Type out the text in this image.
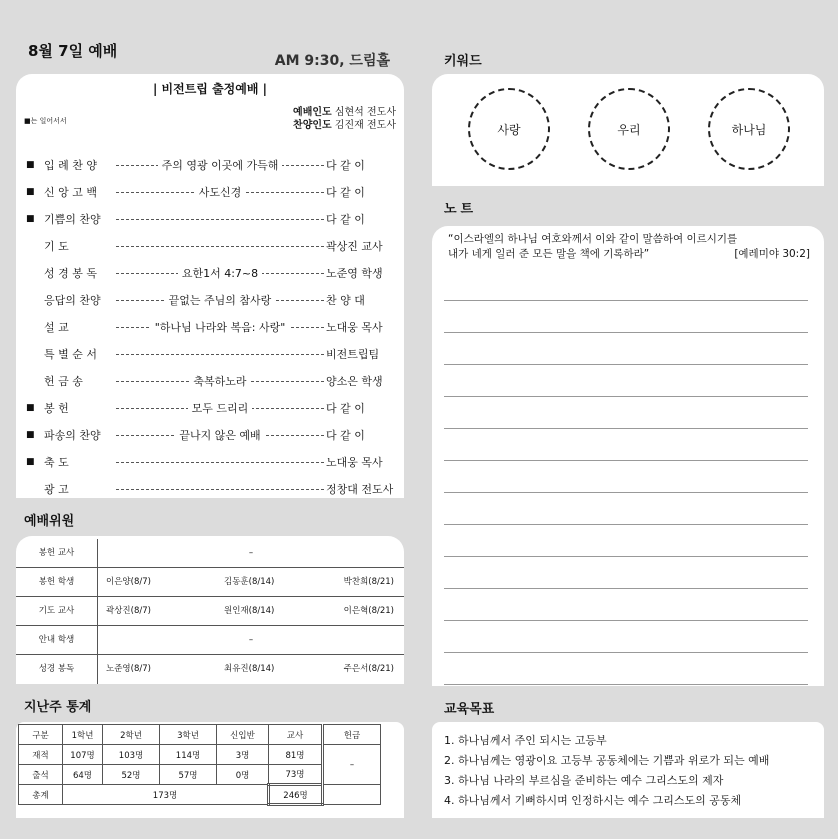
8월 7일 예배
AM 9:30, 드림홀
| 비전트립 출정예배 |
■는 일어서서
예배인도 심현석 전도사
찬양인도 김진재 전도사
■ 입 례 찬 양	주의 영광 이곳에 가득해	다 같 이
■ 신 앙 고 백	사도신경	다 같 이
■ 기쁨의 찬양	다 같 이
기 도	곽상진 교사
성 경 봉 독	요한1서 4:7~8	노준영 학생
응답의 찬양	끝없는 주님의 참사랑	찬 양 대
설 교	"하나님 나라와 복음: 사랑"	노대웅 목사
특 별 순 서	비전트립팀
헌 금 송	축복하노라	양소은 학생
■ 봉 헌	모두 드리리	다 같 이
■ 파송의 찬양	끝나지 않은 예배	다 같 이
■ 축 도	노대웅 목사
광 고	정창대 전도사
예배위원
봉헌 교사	–
봉헌 학생	이은양(8/7)	김동훈(8/14)	박찬희(8/21)
기도 교사	곽상진(8/7)	원인재(8/14)	이은혁(8/21)
안내 학생	–
성경 봉독	노준영(8/7)	최유진(8/14)	주은서(8/21)
지난주 통계
구분	1학년	2학년	3학년	신입반	교사	헌금
재적	107명	103명	114명	3명	81명	–
출석	64명	52명	57명	0명	73명	
총계	173명				246명	
키워드
사랑	우리	하나님
노트
“이스라엘의 하나님 여호와께서 이와 같이 말씀하여 이르시기를
내가 네게 일러 준 모든 말을 책에 기록하라”	[예레미야 30:2]
교육목표
1. 하나님께서 주인 되시는 고등부
2. 하나님께는 영광이요 고등부 공동체에는 기쁨과 위로가 되는 예배
3. 하나님 나라의 부르심을 준비하는 예수 그리스도의 제자
4. 하나님께서 기뻐하시며 인정하시는 예수 그리스도의 공동체
